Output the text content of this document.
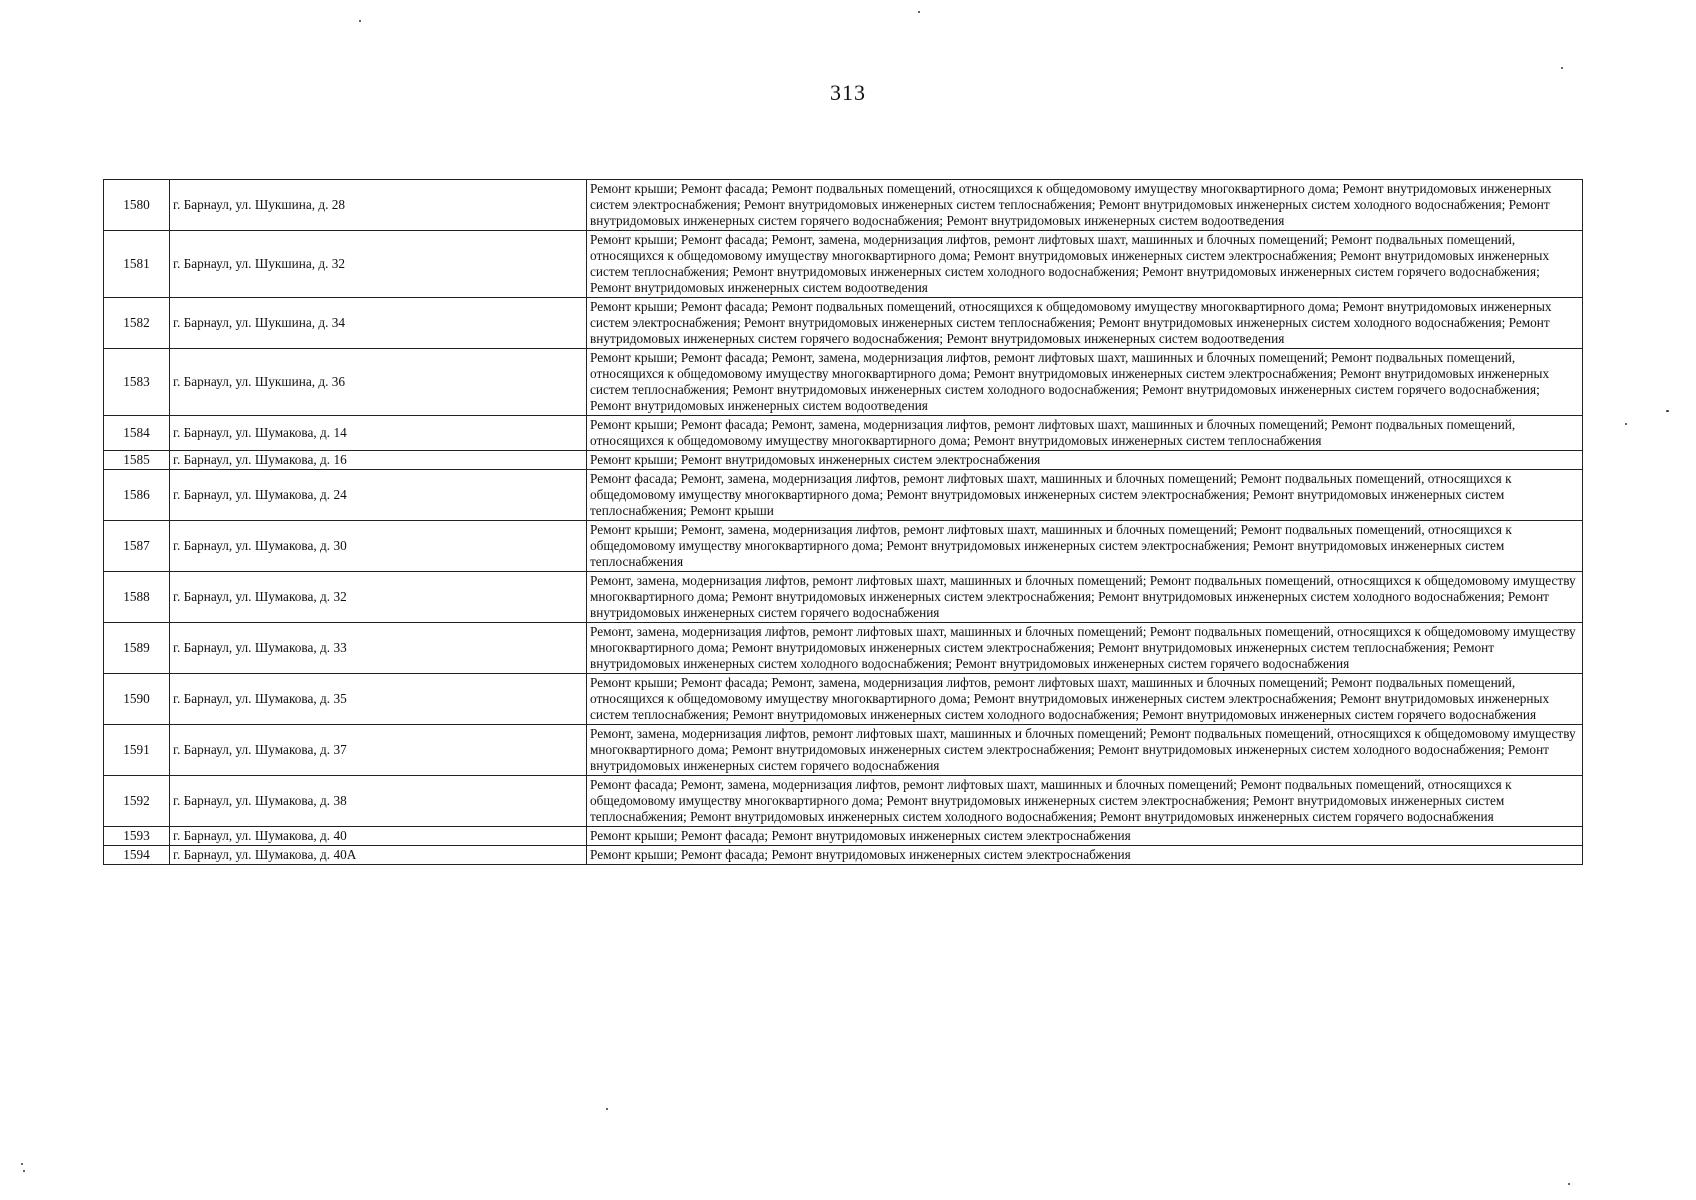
313
1580	г. Барнаул, ул. Шукшина, д. 28	Ремонт крыши; Ремонт фасада; Ремонт подвальных помещений, относящихся к общедомовому имуществу многоквартирного дома; Ремонт внутридомовых инженерных систем электроснабжения; Ремонт внутридомовых инженерных систем теплоснабжения; Ремонт внутридомовых инженерных систем холодного водоснабжения; Ремонт внутридомовых инженерных систем горячего водоснабжения; Ремонт внутридомовых инженерных систем водоотведения

1581	г. Барнаул, ул. Шукшина, д. 32	Ремонт крыши; Ремонт фасада; Ремонт, замена, модернизация лифтов, ремонт лифтовых шахт, машинных и блочных помещений; Ремонт подвальных помещений, относящихся к общедомовому имуществу многоквартирного дома; Ремонт внутридомовых инженерных систем электроснабжения; Ремонт внутридомовых инженерных систем теплоснабжения; Ремонт внутридомовых инженерных систем холодного водоснабжения; Ремонт внутридомовых инженерных систем горячего водоснабжения; Ремонт внутридомовых инженерных систем водоотведения

1582	г. Барнаул, ул. Шукшина, д. 34	Ремонт крыши; Ремонт фасада; Ремонт подвальных помещений, относящихся к общедомовому имуществу многоквартирного дома; Ремонт внутридомовых инженерных систем электроснабжения; Ремонт внутридомовых инженерных систем теплоснабжения; Ремонт внутридомовых инженерных систем холодного водоснабжения; Ремонт внутридомовых инженерных систем горячего водоснабжения; Ремонт внутридомовых инженерных систем водоотведения

1583	г. Барнаул, ул. Шукшина, д. 36	Ремонт крыши; Ремонт фасада; Ремонт, замена, модернизация лифтов, ремонт лифтовых шахт, машинных и блочных помещений; Ремонт подвальных помещений, относящихся к общедомовому имуществу многоквартирного дома; Ремонт внутридомовых инженерных систем электроснабжения; Ремонт внутридомовых инженерных систем теплоснабжения; Ремонт внутридомовых инженерных систем холодного водоснабжения; Ремонт внутридомовых инженерных систем горячего водоснабжения; Ремонт внутридомовых инженерных систем водоотведения

1584	г. Барнаул, ул. Шумакова, д. 14	Ремонт крыши; Ремонт фасада; Ремонт, замена, модернизация лифтов, ремонт лифтовых шахт, машинных и блочных помещений; Ремонт подвальных помещений, относящихся к общедомовому имуществу многоквартирного дома; Ремонт внутридомовых инженерных систем теплоснабжения

1585	г. Барнаул, ул. Шумакова, д. 16	Ремонт крыши; Ремонт внутридомовых инженерных систем электроснабжения

1586	г. Барнаул, ул. Шумакова, д. 24	Ремонт фасада; Ремонт, замена, модернизация лифтов, ремонт лифтовых шахт, машинных и блочных помещений; Ремонт подвальных помещений, относящихся к общедомовому имуществу многоквартирного дома; Ремонт внутридомовых инженерных систем электроснабжения; Ремонт внутридомовых инженерных систем теплоснабжения; Ремонт крыши

1587	г. Барнаул, ул. Шумакова, д. 30	Ремонт крыши; Ремонт, замена, модернизация лифтов, ремонт лифтовых шахт, машинных и блочных помещений; Ремонт подвальных помещений, относящихся к общедомовому имуществу многоквартирного дома; Ремонт внутридомовых инженерных систем электроснабжения; Ремонт внутридомовых инженерных систем теплоснабжения

1588	г. Барнаул, ул. Шумакова, д. 32	Ремонт, замена, модернизация лифтов, ремонт лифтовых шахт, машинных и блочных помещений; Ремонт подвальных помещений, относящихся к общедомовому имуществу многоквартирного дома; Ремонт внутридомовых инженерных систем электроснабжения; Ремонт внутридомовых инженерных систем холодного водоснабжения; Ремонт внутридомовых инженерных систем горячего водоснабжения

1589	г. Барнаул, ул. Шумакова, д. 33	Ремонт, замена, модернизация лифтов, ремонт лифтовых шахт, машинных и блочных помещений; Ремонт подвальных помещений, относящихся к общедомовому имуществу многоквартирного дома; Ремонт внутридомовых инженерных систем электроснабжения; Ремонт внутридомовых инженерных систем теплоснабжения; Ремонт внутридомовых инженерных систем холодного водоснабжения; Ремонт внутридомовых инженерных систем горячего водоснабжения

1590	г. Барнаул, ул. Шумакова, д. 35	Ремонт крыши; Ремонт фасада; Ремонт, замена, модернизация лифтов, ремонт лифтовых шахт, машинных и блочных помещений; Ремонт подвальных помещений, относящихся к общедомовому имуществу многоквартирного дома; Ремонт внутридомовых инженерных систем электроснабжения; Ремонт внутридомовых инженерных систем теплоснабжения; Ремонт внутридомовых инженерных систем холодного водоснабжения; Ремонт внутридомовых инженерных систем горячего водоснабжения

1591	г. Барнаул, ул. Шумакова, д. 37	Ремонт, замена, модернизация лифтов, ремонт лифтовых шахт, машинных и блочных помещений; Ремонт подвальных помещений, относящихся к общедомовому имуществу многоквартирного дома; Ремонт внутридомовых инженерных систем электроснабжения; Ремонт внутридомовых инженерных систем холодного водоснабжения; Ремонт внутридомовых инженерных систем горячего водоснабжения

1592	г. Барнаул, ул. Шумакова, д. 38	Ремонт фасада; Ремонт, замена, модернизация лифтов, ремонт лифтовых шахт, машинных и блочных помещений; Ремонт подвальных помещений, относящихся к общедомовому имуществу многоквартирного дома; Ремонт внутридомовых инженерных систем электроснабжения; Ремонт внутридомовых инженерных систем теплоснабжения; Ремонт внутридомовых инженерных систем холодного водоснабжения; Ремонт внутридомовых инженерных систем горячего водоснабжения

1593	г. Барнаул, ул. Шумакова, д. 40	Ремонт крыши; Ремонт фасада; Ремонт внутридомовых инженерных систем электроснабжения

1594	г. Барнаул, ул. Шумакова, д. 40А	Ремонт крыши; Ремонт фасада; Ремонт внутридомовых инженерных систем электроснабжения
